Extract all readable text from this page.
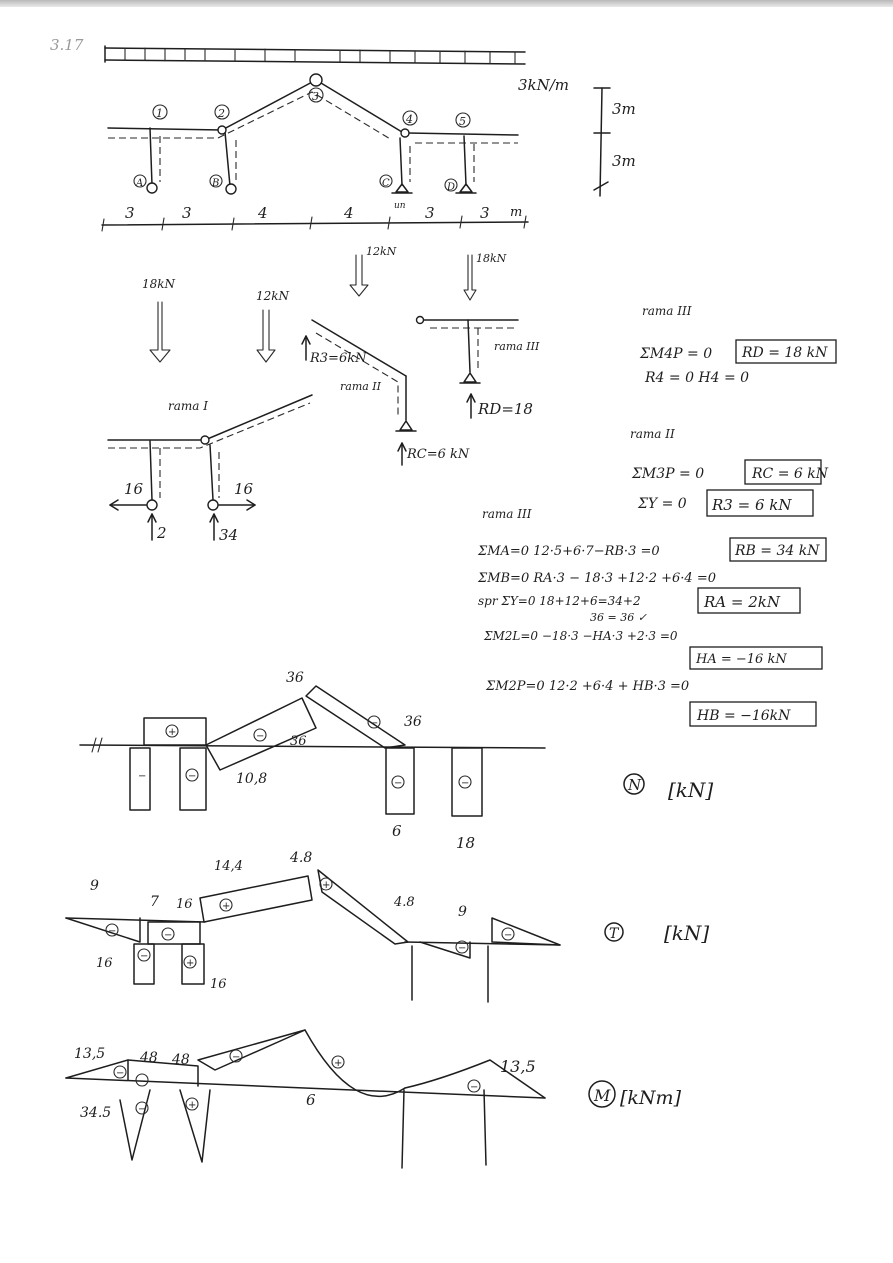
3.17
3kN/m
1	2
3
4	5
A	B	C
un
D
3m
3m
3	3	4	4	3	3 m
18kN
12kN
12kN
18kN
rama I
16	16
2	34
R3=6kN
rama II
RC=6 kN
rama III
RD=18
rama III
ΣM4P = 0 RD = 18 kN
R4 = 0 H4 = 0
rama II
ΣM3P = 0	RC = 6 kN
ΣY = 0 R3 = 6 kN
rama III
ΣMA=0 12·5+6·7−RB·3 =0	RB = 34 kN
ΣMB=0 RA·3 − 18·3 +12·2 +6·4 =0
spr ΣY=0 18+12+6=34+2
36 = 36 ✓
RA = 2kN
ΣM2L=0 −18·3 −HA·3 +2·3 =0
HA = −16 kN
ΣM2P=0 12·2 +6·4 + HB·3 =0
HB = −16kN
36
36
10,8
36
6
18
+	−
−
−
−	−
−	N [kN]
9
7 16
14,4
4.8
4.8
9
16
16
−	−
+
+
−
−
−
+
T [kN]
13,5 48 48
34.5
6
13,5
−
−
−
−	+
+
−	M [kNm]
